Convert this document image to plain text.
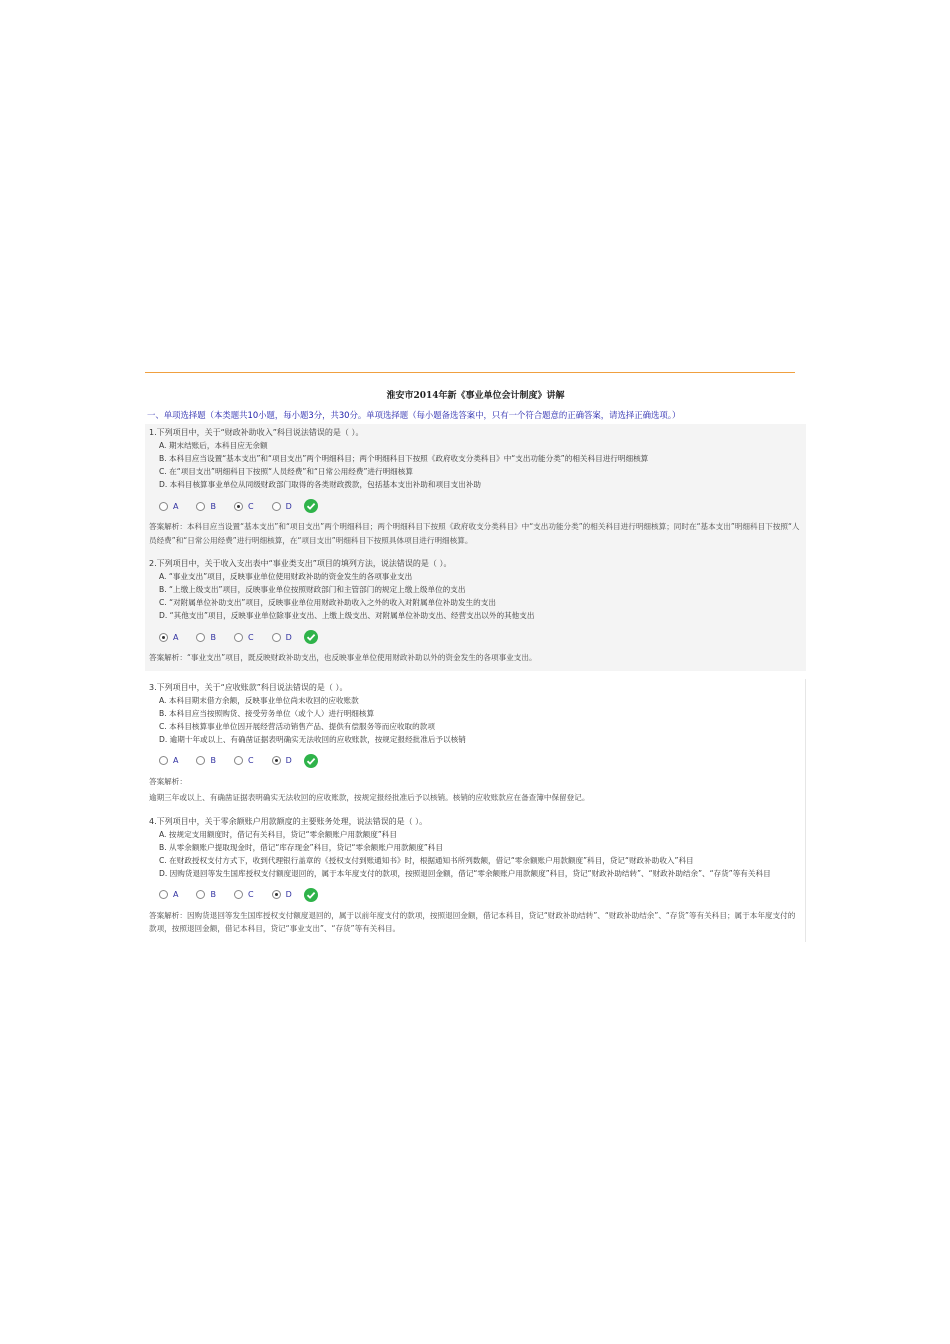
淮安市2014年新《事业单位会计制度》讲解
一、单项选择题（本类题共10小题，每小题3分，共30分。单项选择题（每小题备选答案中，只有一个符合题意的正确答案，请选择正确选项。）

1.下列项目中，关于“财政补助收入”科目说法错误的是（ ）。

A. 期末结账后，本科目应无余额

B. 本科目应当设置“基本支出”和“项目支出”两个明细科目；两个明细科目下按照《政府收支分类科目》中“支出功能分类”的相关科目进行明细核算

C. 在“项目支出”明细科目下按照“人员经费”和“日常公用经费”进行明细核算

D. 本科目核算事业单位从同级财政部门取得的各类财政拨款，包括基本支出补助和项目支出补助

A	B	C	D

答案解析：本科目应当设置“基本支出”和“项目支出”两个明细科目；两个明细科目下按照《政府收支分类科目》中“支出功能分类”的相关科目进行明细核算；同时在“基本支出”明细科目下按照“人员经费”和“日常公用经费”进行明细核算，在“项目支出”明细科目下按照具体项目进行明细核算。

2.下列项目中，关于收入支出表中“事业类支出”项目的填列方法，说法错误的是（ ）。

A. “事业支出”项目，反映事业单位使用财政补助的资金发生的各项事业支出

B. “上缴上级支出”项目，反映事业单位按照财政部门和主管部门的规定上缴上级单位的支出

C. “对附属单位补助支出”项目，反映事业单位用财政补助收入之外的收入对附属单位补助发生的支出

D. “其他支出”项目，反映事业单位除事业支出、上缴上级支出、对附属单位补助支出、经营支出以外的其他支出

A	B	C	D

答案解析：“事业支出”项目，既反映财政补助支出，也反映事业单位使用财政补助以外的资金发生的各项事业支出。

3.下列项目中，关于“应收账款”科目说法错误的是（ ）。

A. 本科目期末借方余额，反映事业单位尚未收回的应收账款

B. 本科目应当按照购货、接受劳务单位（或个人）进行明细核算

C. 本科目核算事业单位因开展经营活动销售产品、提供有偿服务等而应收取的款项

D. 逾期十年或以上、有确凿证据表明确实无法收回的应收账款，按规定报经批准后予以核销

A	B	C	D

答案解析：

逾期三年或以上、有确凿证据表明确实无法收回的应收账款，按规定报经批准后予以核销。核销的应收账款应在备查簿中保留登记。

4.下列项目中，关于零余额账户用款额度的主要账务处理，说法错误的是（ ）。

A. 按规定支用额度时，借记有关科目，贷记“零余额账户用款额度”科目

B. 从零余额账户提取现金时，借记“库存现金”科目，贷记“零余额账户用款额度”科目

C. 在财政授权支付方式下，收到代理银行盖章的《授权支付到账通知书》时，根据通知书所列数额，借记“零余额账户用款额度”科目，贷记“财政补助收入”科目

D. 因购货退回等发生国库授权支付额度退回的，属于本年度支付的款项，按照退回金额，借记“零余额账户用款额度”科目，贷记“财政补助结转”、“财政补助结余”、“存货”等有关科目

A	B	C	D

答案解析：因购货退回等发生国库授权支付额度退回的，属于以前年度支付的款项，按照退回金额，借记本科目，贷记“财政补助结转”、“财政补助结余”、“存货”等有关科目；属于本年度支付的款项，按照退回金额，借记本科目，贷记“事业支出”、“存货”等有关科目。
